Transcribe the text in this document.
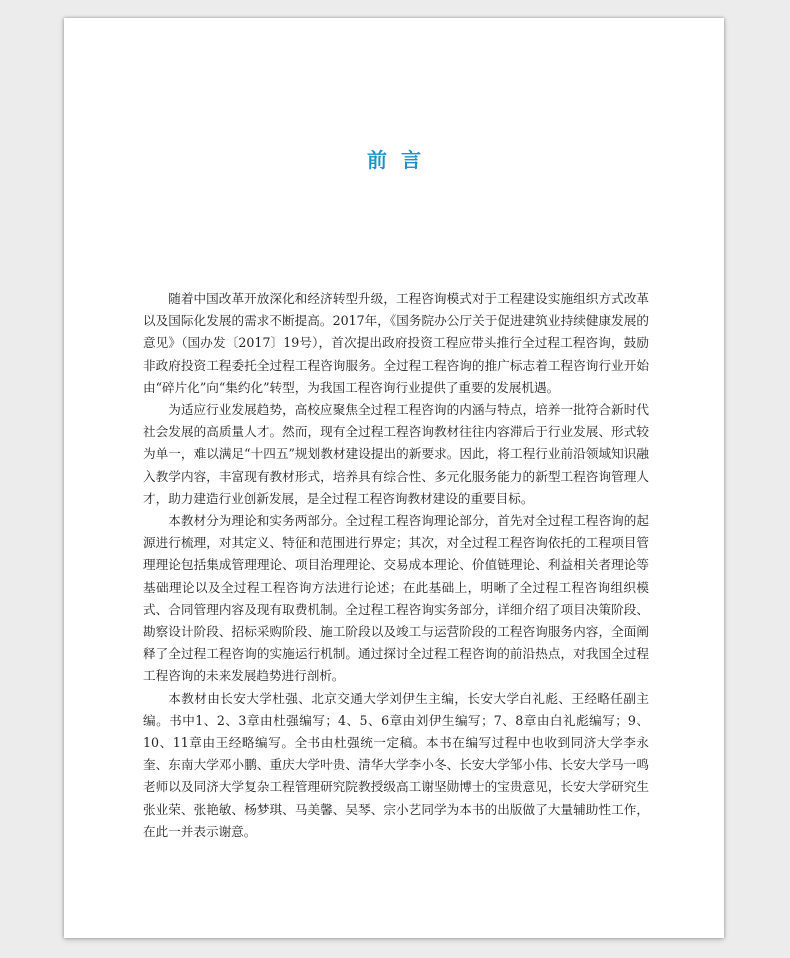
前言

随着中国改革开放深化和经济转型升级，工程咨询模式对于工程建设实施组织方式改革以及国际化发展的需求不断提高。2017年，《国务院办公厅关于促进建筑业持续健康发展的意见》（国办发〔2017〕19号），首次提出政府投资工程应带头推行全过程工程咨询，鼓励非政府投资工程委托全过程工程咨询服务。全过程工程咨询的推广标志着工程咨询行业开始由“碎片化”向“集约化”转型，为我国工程咨询行业提供了重要的发展机遇。

为适应行业发展趋势，高校应聚焦全过程工程咨询的内涵与特点，培养一批符合新时代社会发展的高质量人才。然而，现有全过程工程咨询教材往往内容滞后于行业发展、形式较为单一，难以满足“十四五”规划教材建设提出的新要求。因此，将工程行业前沿领域知识融入教学内容，丰富现有教材形式，培养具有综合性、多元化服务能力的新型工程咨询管理人才，助力建造行业创新发展，是全过程工程咨询教材建设的重要目标。

本教材分为理论和实务两部分。全过程工程咨询理论部分，首先对全过程工程咨询的起源进行梳理，对其定义、特征和范围进行界定；其次，对全过程工程咨询依托的工程项目管理理论包括集成管理理论、项目治理理论、交易成本理论、价值链理论、利益相关者理论等基础理论以及全过程工程咨询方法进行论述；在此基础上，明晰了全过程工程咨询组织模式、合同管理内容及现有取费机制。全过程工程咨询实务部分，详细介绍了项目决策阶段、勘察设计阶段、招标采购阶段、施工阶段以及竣工与运营阶段的工程咨询服务内容，全面阐释了全过程工程咨询的实施运行机制。通过探讨全过程工程咨询的前沿热点，对我国全过程工程咨询的未来发展趋势进行剖析。

本教材由长安大学杜强、北京交通大学刘伊生主编，长安大学白礼彪、王经略任副主编。书中1、2、3章由杜强编写；4、5、6章由刘伊生编写；7、8章由白礼彪编写；9、10、11章由王经略编写。全书由杜强统一定稿。本书在编写过程中也收到同济大学李永奎、东南大学邓小鹏、重庆大学叶贵、清华大学李小冬、长安大学邹小伟、长安大学马一鸣老师以及同济大学复杂工程管理研究院教授级高工谢坚勋博士的宝贵意见，长安大学研究生张业荣、张艳敏、杨梦琪、马美馨、吴琴、宗小艺同学为本书的出版做了大量辅助性工作，在此一并表示谢意。
